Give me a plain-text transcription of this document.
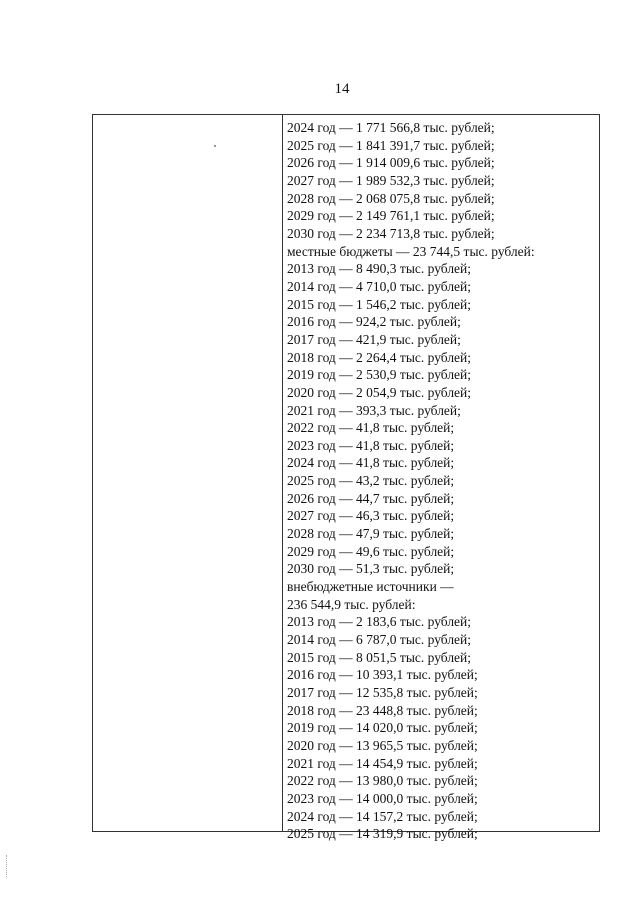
14
2024 год — 1 771 566,8 тыс. рублей;
2025 год — 1 841 391,7 тыс. рублей;
2026 год — 1 914 009,6 тыс. рублей;
2027 год — 1 989 532,3 тыс. рублей;
2028 год — 2 068 075,8 тыс. рублей;
2029 год — 2 149 761,1 тыс. рублей;
2030 год — 2 234 713,8 тыс. рублей;
местные бюджеты — 23 744,5 тыс. рублей:
2013 год — 8 490,3 тыс. рублей;
2014 год — 4 710,0 тыс. рублей;
2015 год — 1 546,2 тыс. рублей;
2016 год — 924,2 тыс. рублей;
2017 год — 421,9 тыс. рублей;
2018 год — 2 264,4 тыс. рублей;
2019 год — 2 530,9 тыс. рублей;
2020 год — 2 054,9 тыс. рублей;
2021 год — 393,3 тыс. рублей;
2022 год — 41,8 тыс. рублей;
2023 год — 41,8 тыс. рублей;
2024 год — 41,8 тыс. рублей;
2025 год — 43,2 тыс. рублей;
2026 год — 44,7 тыс. рублей;
2027 год — 46,3 тыс. рублей;
2028 год — 47,9 тыс. рублей;
2029 год — 49,6 тыс. рублей;
2030 год — 51,3 тыс. рублей;
внебюджетные источники —
236 544,9 тыс. рублей:
2013 год — 2 183,6 тыс. рублей;
2014 год — 6 787,0 тыс. рублей;
2015 год — 8 051,5 тыс. рублей;
2016 год — 10 393,1 тыс. рублей;
2017 год — 12 535,8 тыс. рублей;
2018 год — 23 448,8 тыс. рублей;
2019 год — 14 020,0 тыс. рублей;
2020 год — 13 965,5 тыс. рублей;
2021 год — 14 454,9 тыс. рублей;
2022 год — 13 980,0 тыс. рублей;
2023 год — 14 000,0 тыс. рублей;
2024 год — 14 157,2 тыс. рублей;
2025 год — 14 319,9 тыс. рублей;
